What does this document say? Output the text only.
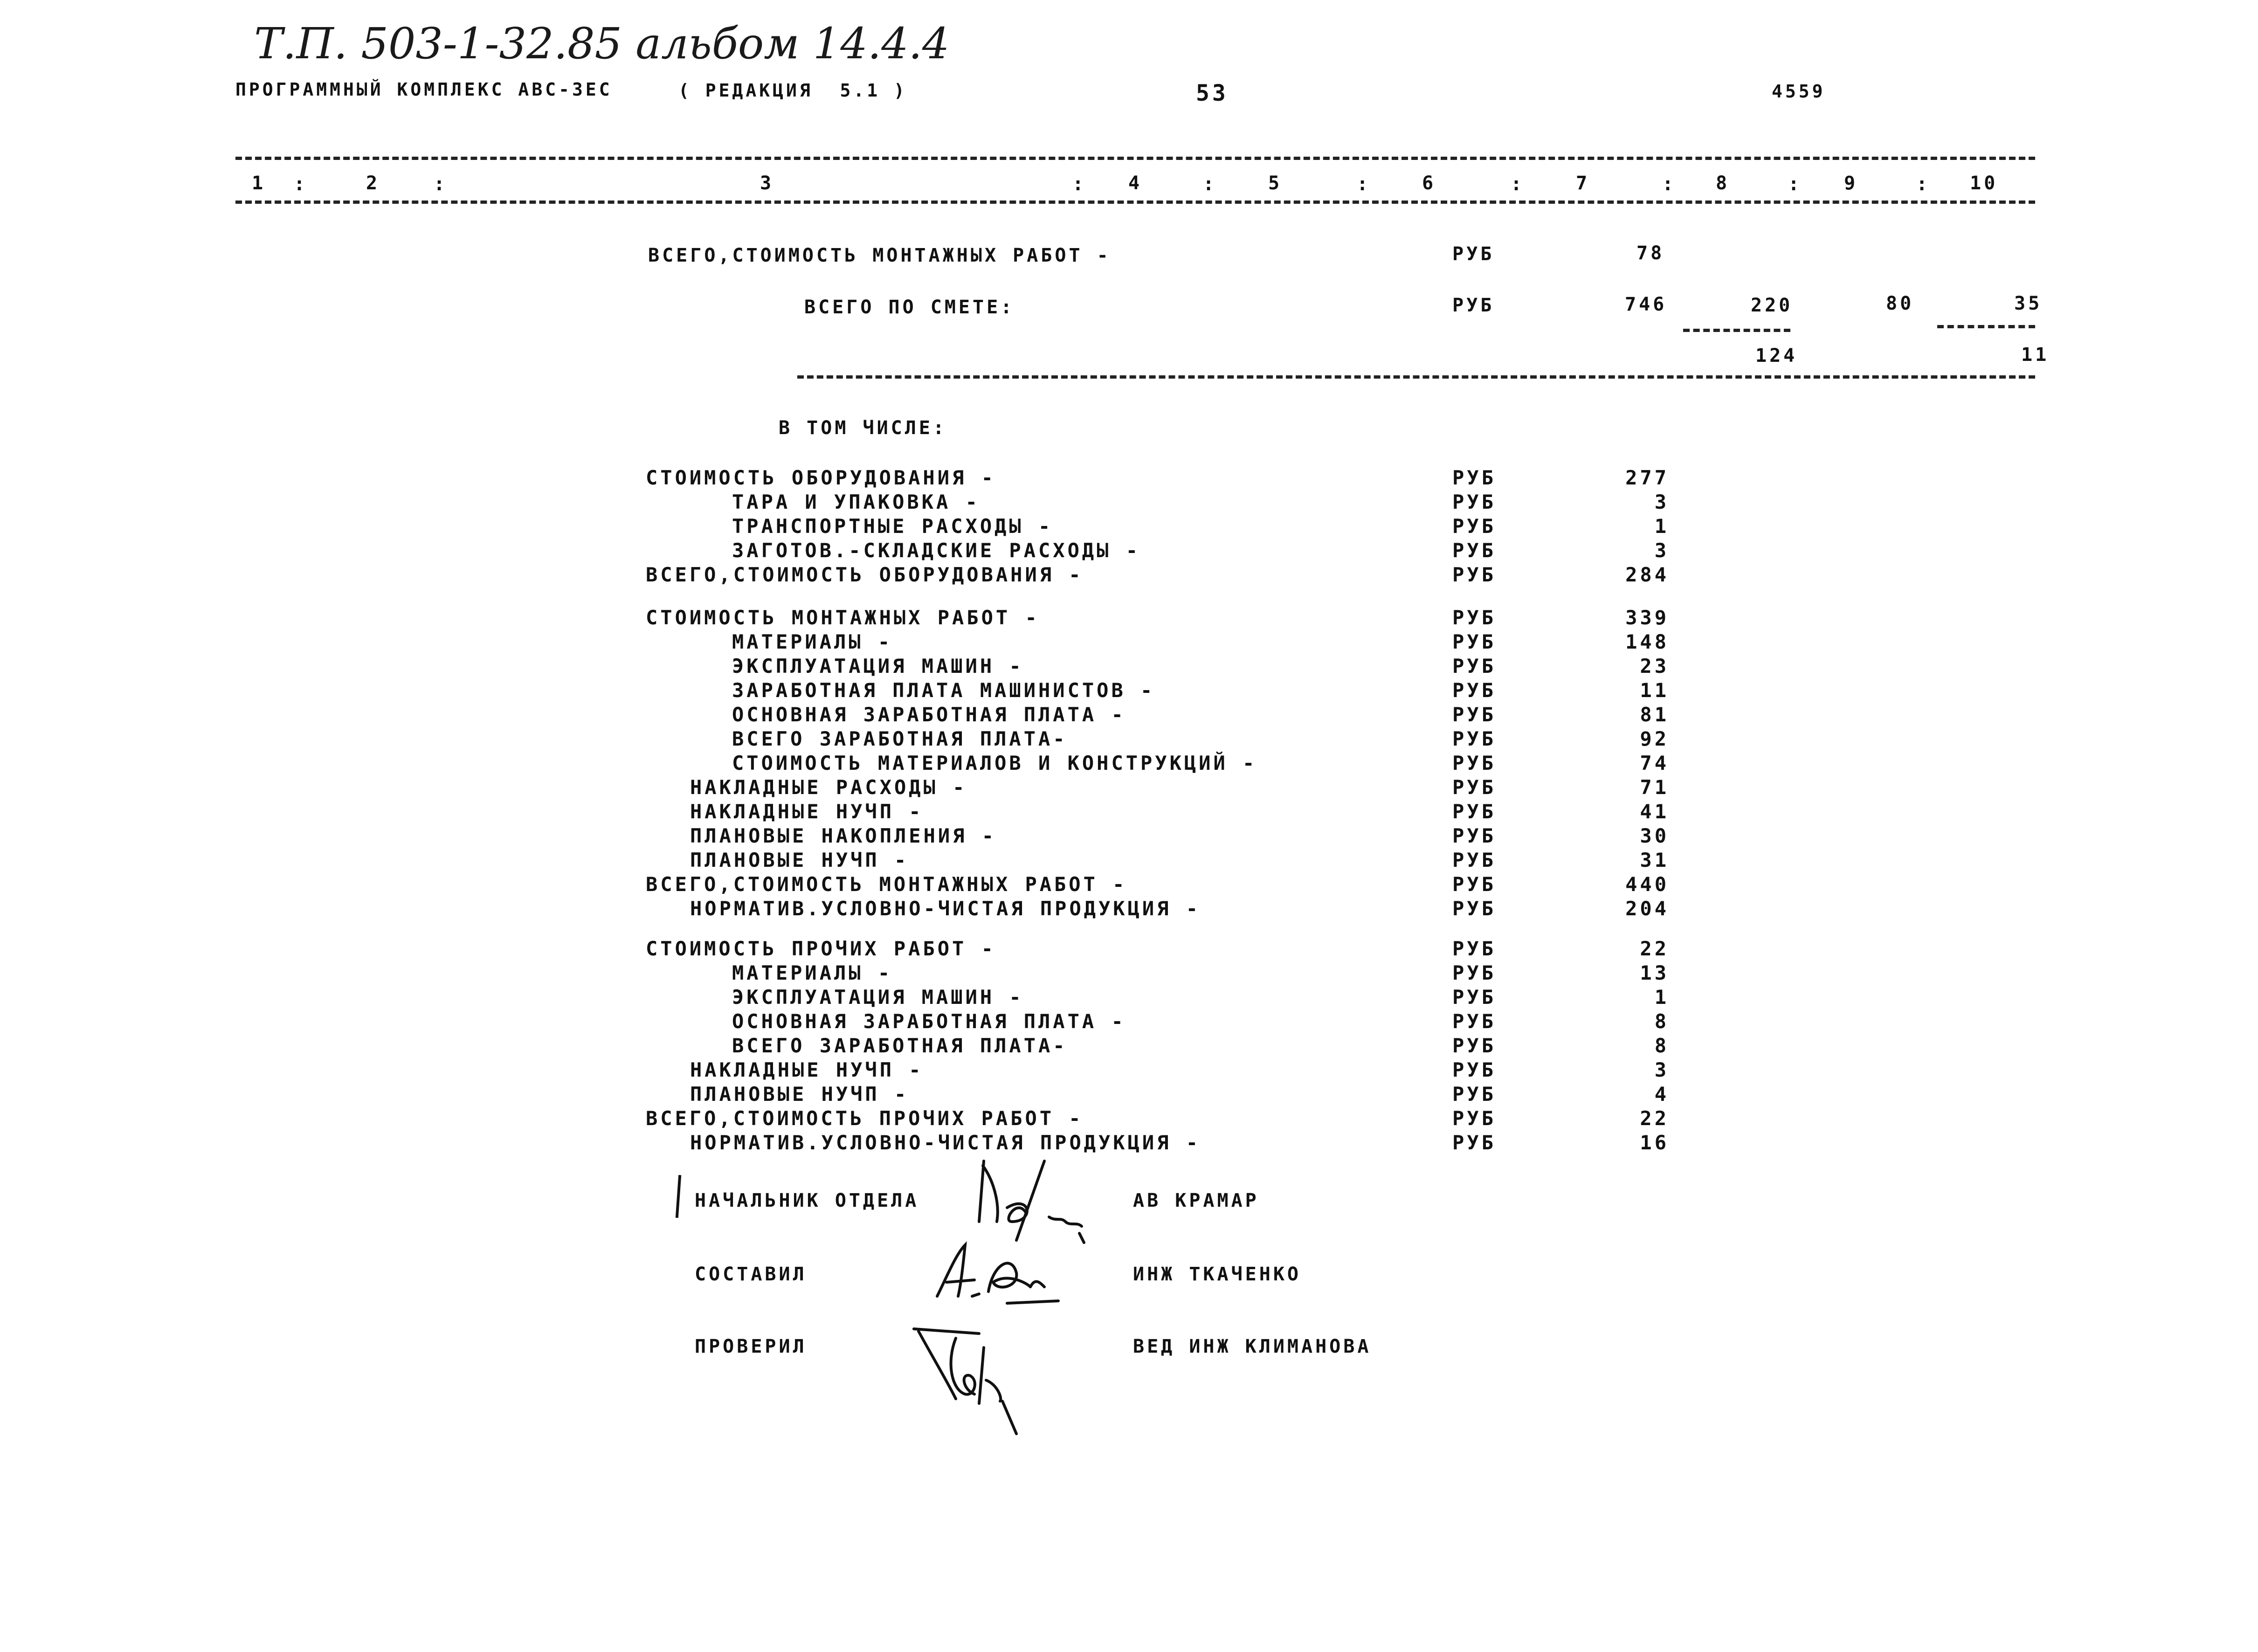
Т.П. 503-1-32.85 альбом 14.4.4
ПРОГРАММНЫЙ КОМПЛЕКС АВС-3ЕС	( РЕДАКЦИЯ  5.1 )	53	4559
1 :	2	:	3	: 4	:	5	:	6	:	7	: 8	: 9	: 10
ВСЕГО,СТОИМОСТЬ МОНТАЖНЫХ РАБОТ -	РУБ	78
ВСЕГО ПО СМЕТЕ:	РУБ	746	220	80	35
124	11
В ТОМ ЧИСЛЕ:
СТОИМОСТЬ ОБОРУДОВАНИЯ -	РУБ	277
ТАРА И УПАКОВКА -	РУБ	3
ТРАНСПОРТНЫЕ РАСХОДЫ -	РУБ	1
ЗАГОТОВ.-СКЛАДСКИЕ РАСХОДЫ -	РУБ	3
ВСЕГО,СТОИМОСТЬ ОБОРУДОВАНИЯ -	РУБ	284
СТОИМОСТЬ МОНТАЖНЫХ РАБОТ -	РУБ	339
МАТЕРИАЛЫ -	РУБ	148
ЭКСПЛУАТАЦИЯ МАШИН -	РУБ	23
ЗАРАБОТНАЯ ПЛАТА МАШИНИСТОВ -	РУБ	11
ОСНОВНАЯ ЗАРАБОТНАЯ ПЛАТА -	РУБ	81
ВСЕГО ЗАРАБОТНАЯ ПЛАТА-	РУБ	92
СТОИМОСТЬ МАТЕРИАЛОВ И КОНСТРУКЦИЙ -	РУБ	74
НАКЛАДНЫЕ РАСХОДЫ -	РУБ	71
НАКЛАДНЫЕ НУЧП -	РУБ	41
ПЛАНОВЫЕ НАКОПЛЕНИЯ -	РУБ	30
ПЛАНОВЫЕ НУЧП -	РУБ	31
ВСЕГО,СТОИМОСТЬ МОНТАЖНЫХ РАБОТ -	РУБ	440
НОРМАТИВ.УСЛОВНО-ЧИСТАЯ ПРОДУКЦИЯ -	РУБ	204
СТОИМОСТЬ ПРОЧИХ РАБОТ -	РУБ	22
МАТЕРИАЛЫ -	РУБ	13
ЭКСПЛУАТАЦИЯ МАШИН -	РУБ	1
ОСНОВНАЯ ЗАРАБОТНАЯ ПЛАТА -	РУБ	8
ВСЕГО ЗАРАБОТНАЯ ПЛАТА-	РУБ	8
НАКЛАДНЫЕ НУЧП -	РУБ	3
ПЛАНОВЫЕ НУЧП -	РУБ	4
ВСЕГО,СТОИМОСТЬ ПРОЧИХ РАБОТ -	РУБ	22
НОРМАТИВ.УСЛОВНО-ЧИСТАЯ ПРОДУКЦИЯ -	РУБ	16
НАЧАЛЬНИК ОТДЕЛА	АВ КРАМАР
СОСТАВИЛ	ИНЖ ТКАЧЕНКО
ПРОВЕРИЛ	ВЕД ИНЖ КЛИМАНОВА
